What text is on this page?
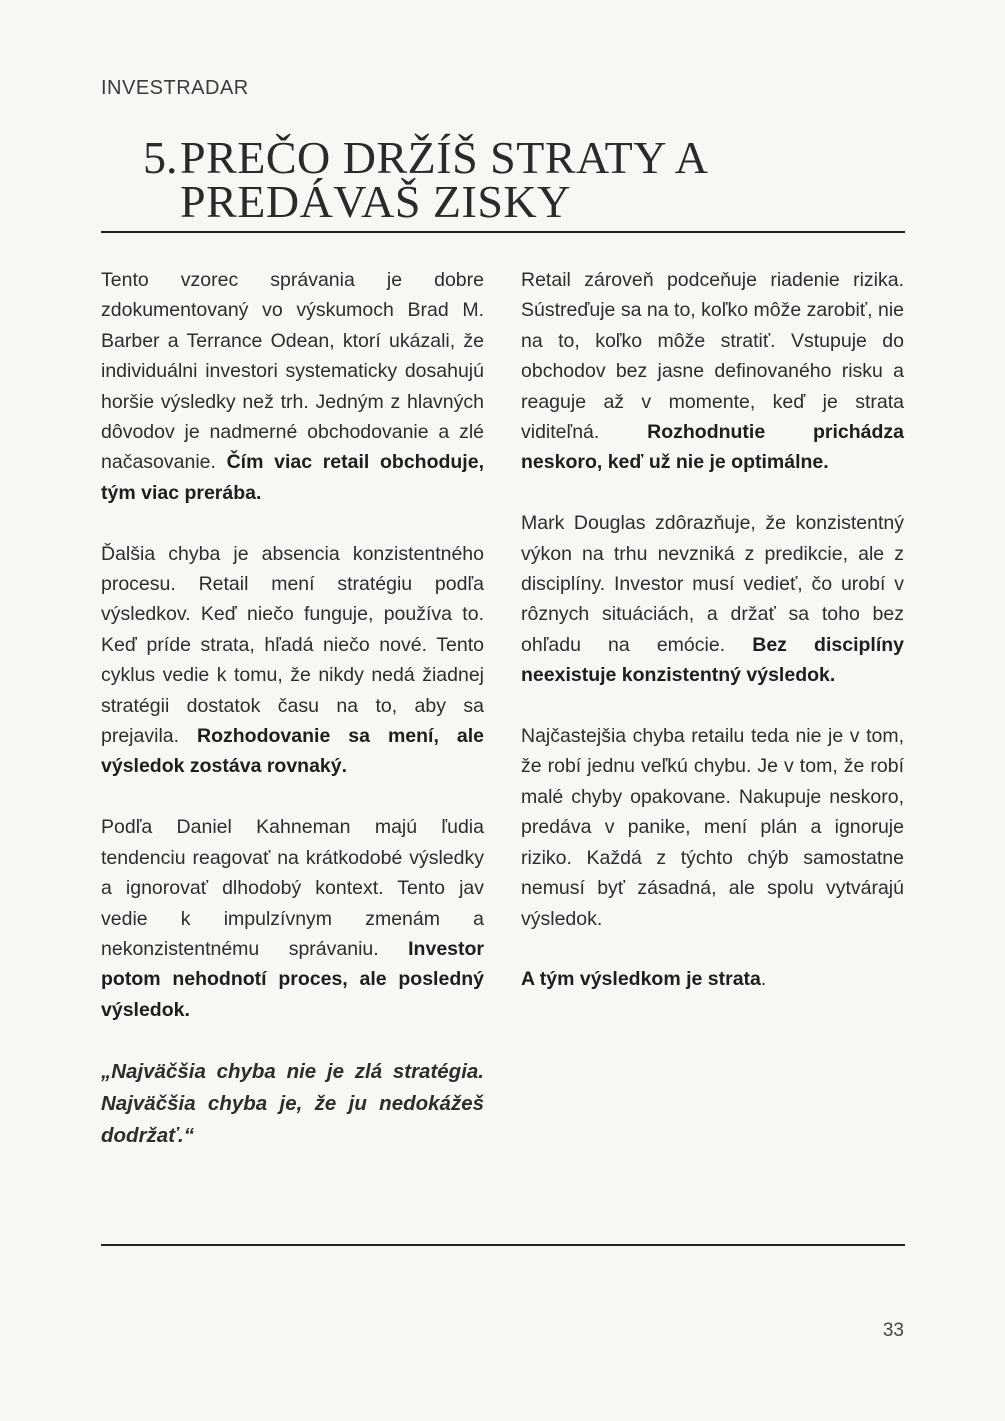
INVESTRADAR
5. PREČO DRŽÍŠ STRATY A
PREDÁVAŠ ZISKY

Tento vzorec správania je dobre zdokumentovaný vo výskumoch Brad M. Barber a Terrance Odean, ktorí ukázali, že individuálni investori systematicky dosahujú horšie výsledky než trh. Jedným z hlavných dôvodov je nadmerné obchodovanie a zlé načasovanie. Čím viac retail obchoduje, tým viac prerába.

Ďalšia chyba je absencia konzistentného procesu. Retail mení stratégiu podľa výsledkov. Keď niečo funguje, používa to. Keď príde strata, hľadá niečo nové. Tento cyklus vedie k tomu, že nikdy nedá žiadnej stratégii dostatok času na to, aby sa prejavila. Rozhodovanie sa mení, ale výsledok zostáva rovnaký.

Podľa Daniel Kahneman majú ľudia tendenciu reagovať na krátkodobé výsledky a ignorovať dlhodobý kontext. Tento jav vedie k impulzívnym zmenám a nekonzistentnému správaniu. Investor potom nehodnotí proces, ale posledný výsledok.

„Najväčšia chyba nie je zlá stratégia. Najväčšia chyba je, že ju nedokážeš dodržať.“

Retail zároveň podceňuje riadenie rizika. Sústreďuje sa na to, koľko môže zarobiť, nie na to, koľko môže stratiť. Vstupuje do obchodov bez jasne definovaného risku a reaguje až v momente, keď je strata viditeľná. Rozhodnutie prichádza neskoro, keď už nie je optimálne.

Mark Douglas zdôrazňuje, že konzistentný výkon na trhu nevzniká z predikcie, ale z disciplíny. Investor musí vedieť, čo urobí v rôznych situáciách, a držať sa toho bez ohľadu na emócie. Bez disciplíny neexistuje konzistentný výsledok.

Najčastejšia chyba retailu teda nie je v tom, že robí jednu veľkú chybu. Je v tom, že robí malé chyby opakovane. Nakupuje neskoro, predáva v panike, mení plán a ignoruje riziko. Každá z týchto chýb samostatne nemusí byť zásadná, ale spolu vytvárajú výsledok.

A tým výsledkom je strata.

33
